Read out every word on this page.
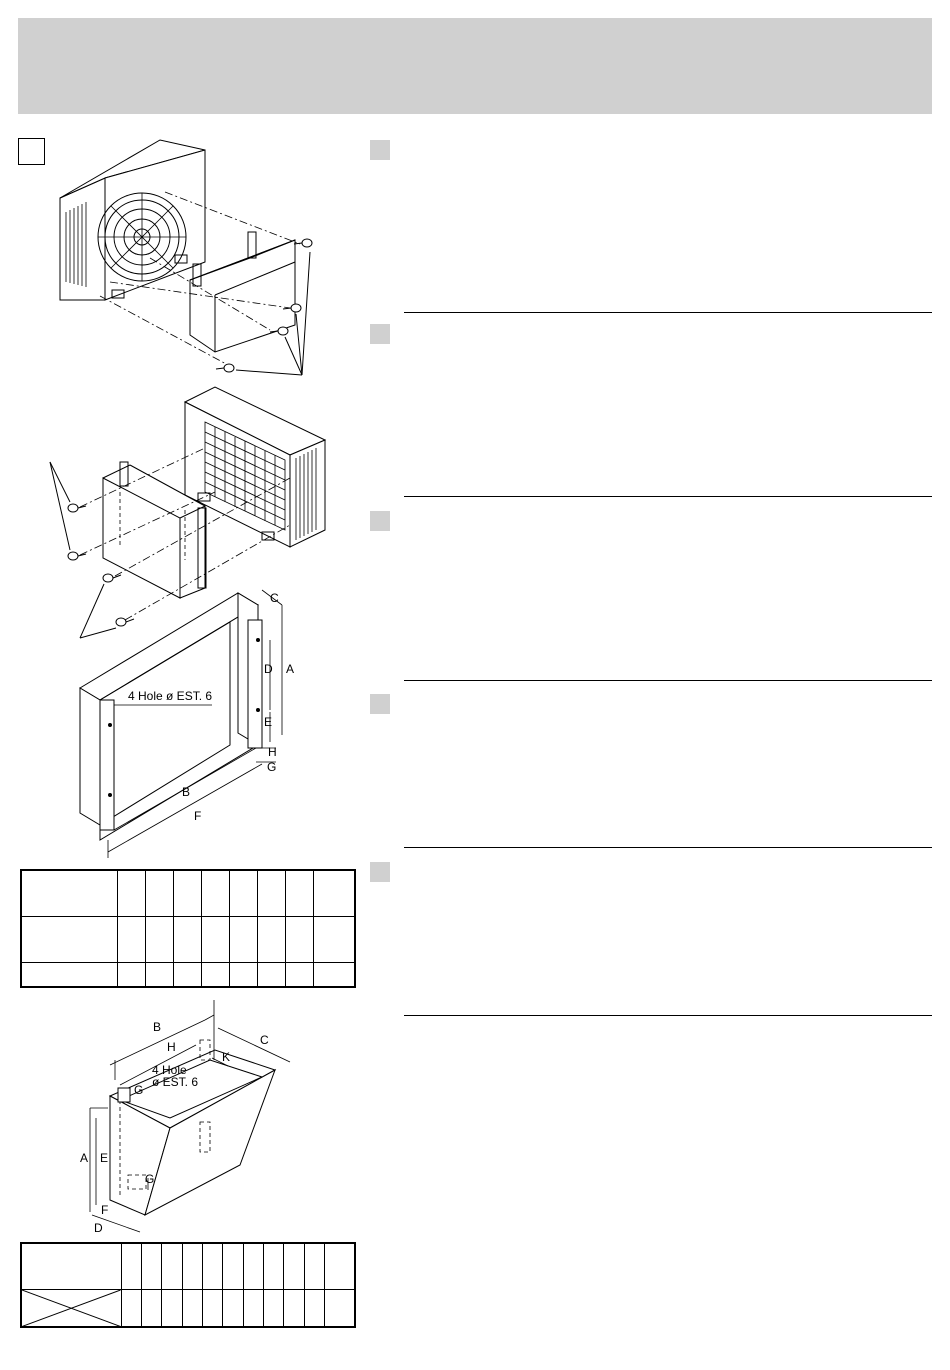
C
A
D
E
H
G
B
F
4 Hole ø EST. 6
B
H	C
K
4 Hole
ø EST. 6
G
A E
G
F
D
